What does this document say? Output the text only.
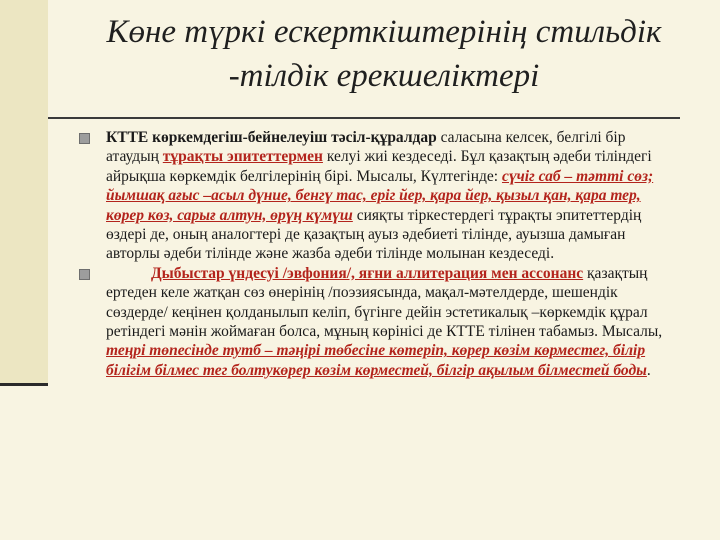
Көне түркі ескерткіштерінің стильдік
-тілдік ерекшеліктері

КТТЕ көркемдегіш-бейнелеуіш тәсіл-құралдар саласына келсек, белгілі бір атаудың тұрақты эпитеттермен келуі жиі кездеседі. Бұл қазақтың әдеби тіліндегі айрықша көркемдік белгілерінің бірі. Мысалы, Күлтегінде: сүчіг саб – тәтті сөз; йымшақ ағыс –асыл дүние, бенгү тас, еріг йер, қара йер, қызыл қан, қара тер, көрер көз, сарығ алтун, өрүң күмүш сияқты тіркестердегі тұрақты эпитеттердің өздері де, оның аналогтері де қазақтың ауыз әдебиеті тілінде, ауызша дамыған авторлы әдеби тілінде және жазба әдеби тілінде молынан кездеседі.

Дыбыстар үндесуі /эвфония/, яғни аллитерация мен ассонанс қазақтың ертеден келе жатқан сөз өнерінің /поэзиясында, мақал-мәтелдерде, шешендік сөздерде/ кеңінен қолданылып келіп, бүгінге дейін эстетикалық –көркемдік құрал ретіндегі мәнін жоймаған болса, мұның көрінісі де КТТЕ тілінен табамыз. Мысалы, теңрі төпесінде тутб – тәңірі төбесіне көтеріп, көрер көзім көрместег, білір білігім білмес тег болтукөрер көзім көрместей, білгір ақылым білместей боды.
